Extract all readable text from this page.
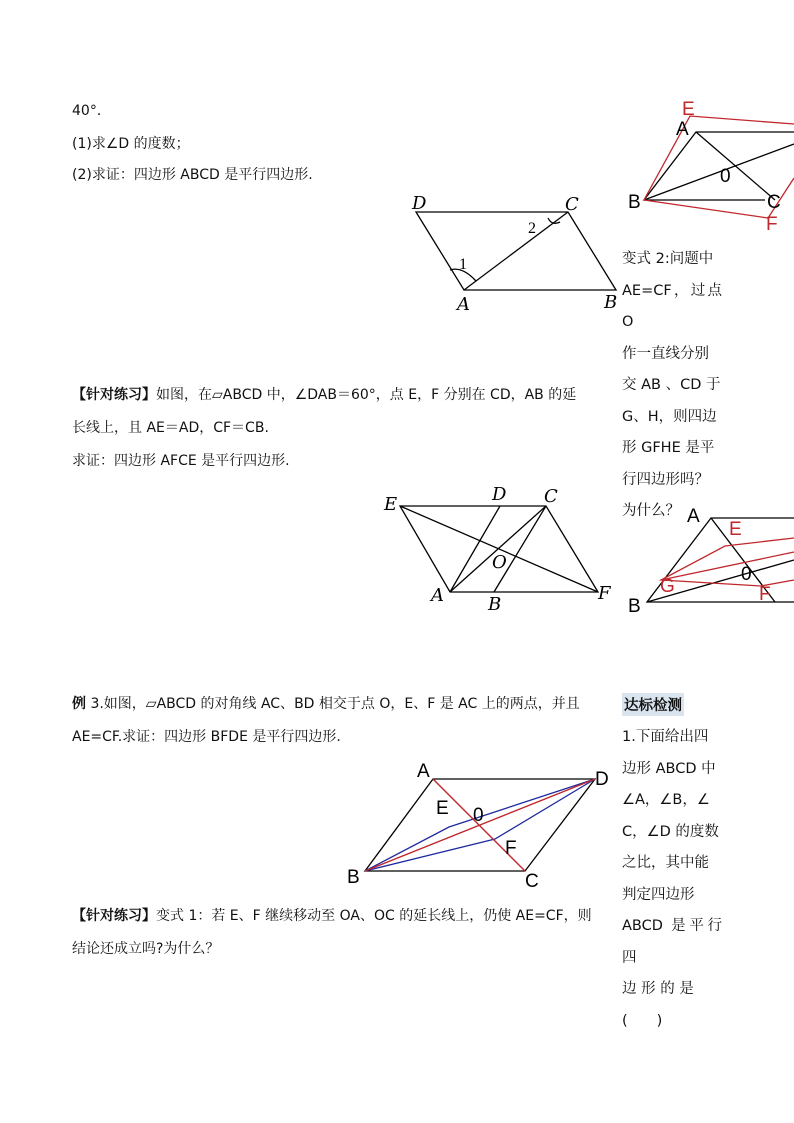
40°．
(1)求∠D 的度数；
(2)求证：四边形 ABCD 是平行四边形.
【针对练习】如图，在▱ABCD 中，∠DAB＝60°，点 E，F 分别在 CD，AB 的延
长线上，且 AE＝AD，CF＝CB.
求证：四边形 AFCE 是平行四边形.
例 3.如图，▱ABCD 的对角线 AC、BD 相交于点 O，E、F 是 AC 上的两点，并且
AE=CF.求证：四边形 BFDE 是平行四边形.
【针对练习】变式 1：若 E、F 继续移动至 OA、OC 的延长线上，仍使 AE=CF，则
结论还成立吗?为什么？
变式 2:问题中
AE=CF，过点 O
作一直线分别
交 AB 、CD 于
G、H，则四边
形 GFHE 是平
行四边形吗？
为什么？
达标检测
1.下面给出四
边形 ABCD 中
∠A，∠B，∠
C，∠D 的度数
之比，其中能
判定四边形
ABCD 是平行四
边 形 的 是
(　　)
D	C
A	B
1
2
E	D C
O
A B
F
A	D
E 0
F
B	C
E
A
0
B	C
F
A
E
0
G	F
B
